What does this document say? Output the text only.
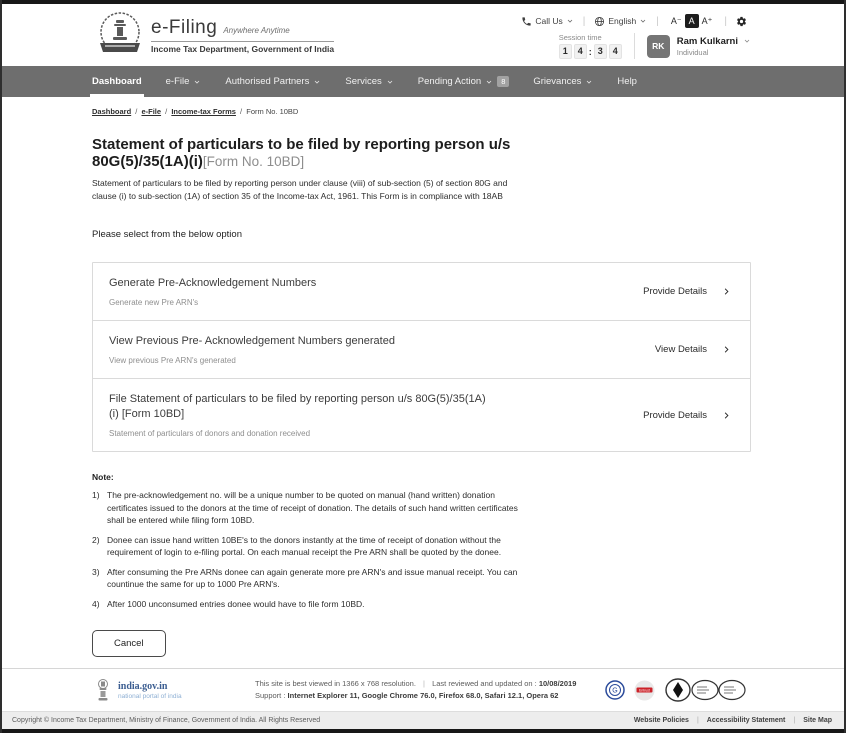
e-Filing Anywhere Anytime
Income Tax Department, Government of India
Call Us |	English |	A⁻ A A⁺	|
Session time
1	4 : 3	4	RK	Ram Kulkarni
Individual
Dashboard	e-File	Authorised Partners	Services	Pending Action	8	Grievances	Help
Dashboard / e-File / Income-tax Forms / Form No. 10BD
Statement of particulars to be filed by reporting person u/s
80G(5)/35(1A)(i)[Form No. 10BD]

Statement of particulars to be filed by reporting person under clause (viii) of sub-section (5) of section 80G and clause (i) to sub-section (1A) of section 35 of the Income-tax Act, 1961. This Form is in compliance with 18AB

Please select from the below option
Generate Pre-Acknowledgement Numbers
Generate new Pre ARN's
Provide Details
View Previous Pre- Acknowledgement Numbers generated
View previous Pre ARN's generated
View Details
File Statement of particulars to be filed by reporting person u/s 80G(5)/35(1A)(i) [Form 10BD]
Statement of particulars of donors and donation received
Provide Details
Note:
1) The pre-acknowledgement no. will be a unique number to be quoted on manual (hand written) donation certificates issued to the donors at the time of receipt of donation. The details of such hand written certificates shall be entered while filing form 10BD.
2) Donee can issue hand written 10BE's to the donors instantly at the time of receipt of donation without the requirement of login to e-filing portal. On each manual receipt the Pre ARN shall be quoted by the donee.
3) After consuming the Pre ARNs donee can again generate more pre ARN's and issue manual receipt. You can countinue the same for up to 1000 Pre ARN's.
4) After 1000 unconsumed entries donee would have to file form 10BD.
Cancel
india.gov.in
national portal of india
This site is best viewed in 1366 x 768 resolution. | Last reviewed and updated on : 10/08/2019
Support : Internet Explorer 11, Google Chrome 76.0, Firefox 68.0, Safari 12.1, Opera 62	G	Entrust
Copyright © Income Tax Department, Ministry of Finance, Government of India. All Rights Reserved	Website Policies | Accessibility Statement | Site Map
